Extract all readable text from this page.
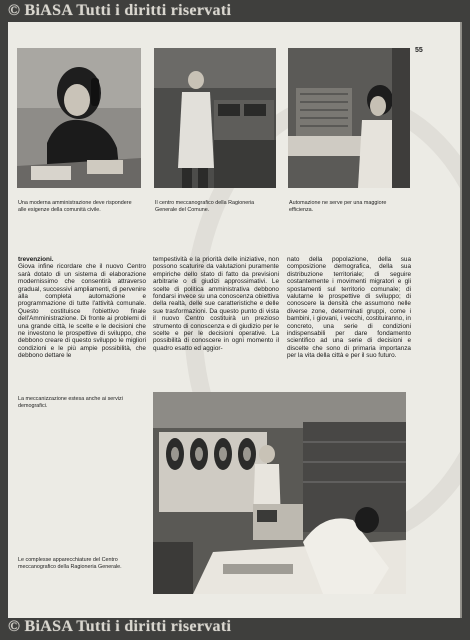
© BiASA Tutti i diritti riservati
Una moderna amministrazione deve rispondere alle esigenze della comunità civile.
Il centro meccanografico della Ragioneria Generale del Comune.
Automazione ne serve per una maggiore efficienza.
55

trevenzioni.

Giova infine ricordare che il nuovo Centro sarà dotato di un sistema di elaborazione modernissimo che consentirà attraverso gradual, successivi ampliamenti, di pervenire alla completa automazione e programmazione di tutte l'attività comunale. Questo costituisce l'obiettivo finale dell'Amministrazione. Di fronte ai problemi di una grande città, le scelte e le decisioni che ne investono le prospettive di sviluppo, che debbono creare di questo sviluppo le migliori condizioni e le più ampie possibilità, che debbono dettare le

tempestività e la priorità delle iniziative, non possono scaturire da valutazioni puramente empiriche dello stato di fatto da previsioni arbitrarie o di giudizi approssimativi. Le scelte di politica amministrativa debbono fondarsi invece su una conoscenza obiettiva della realtà, delle sue caratteristiche e delle sue trasformazioni. Da questo punto di vista il nuovo Centro costituirà un prezioso strumento di conoscenza e di giudizio per le scelte e per le decisioni operative. La possibilità di conoscere in ogni momento il quadro esatto ed aggior-

nato della popolazione, della sua composizione demografica, della sua distribuzione territoriale; di seguire costantemente i movimenti migratori e gli spostamenti sul territorio comunale; di valutarne le prospettive di sviluppo; di conoscere la densità che assumono nelle diverse zone, determinati gruppi, come i bambini, i giovani, i vecchi, costituiranno, in concreto, una serie di condizioni indispensabili per dare fondamento scientifico ad una serie di decisioni e discelte che sono di primaria importanza per la vita della città e per il suo futuro.

La meccanizzazione estesa anche ai servizi demografici.
Le complesse apparecchiature del Centro meccanografico della Ragioneria Generale.
© BiASA Tutti i diritti riservati
